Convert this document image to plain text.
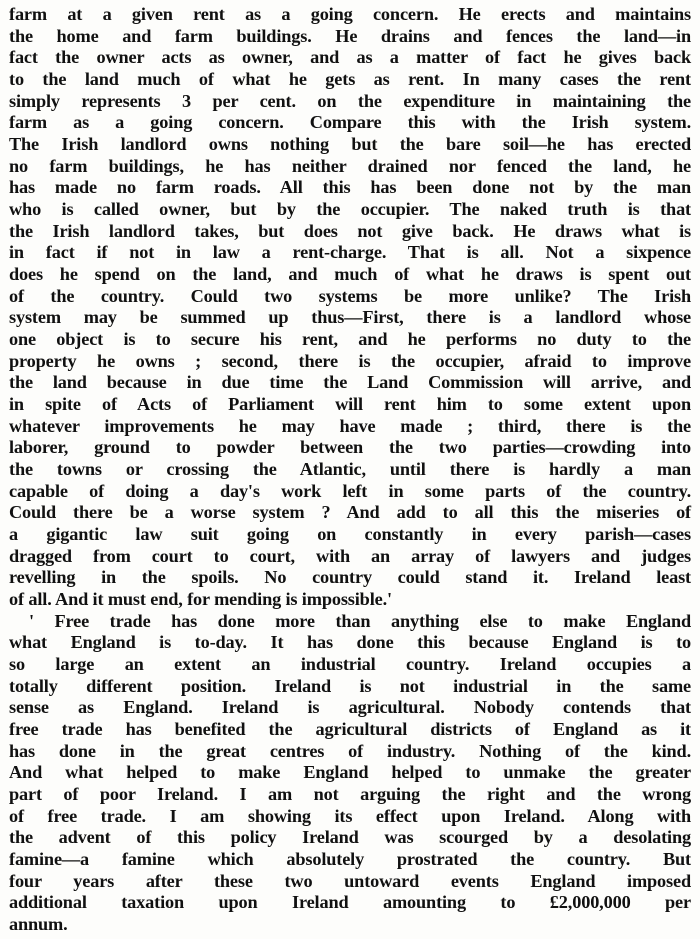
farm at a given rent as a going concern. He erects and maintains
the home and farm buildings. He drains and fences the land—in
fact the owner acts as owner, and as a matter of fact he gives back
to the land much of what he gets as rent. In many cases the rent
simply represents 3 per cent. on the expenditure in maintaining the
farm as a going concern. Compare this with the Irish system.
The Irish landlord owns nothing but the bare soil—he has erected
no farm buildings, he has neither drained nor fenced the land, he
has made no farm roads. All this has been done not by the man
who is called owner, but by the occupier. The naked truth is that
the Irish landlord takes, but does not give back. He draws what is
in fact if not in law a rent-charge. That is all. Not a sixpence
does he spend on the land, and much of what he draws is spent out
of the country. Could two systems be more unlike? The Irish
system may be summed up thus—First, there is a landlord whose
one object is to secure his rent, and he performs no duty to the
property he owns ; second, there is the occupier, afraid to improve
the land because in due time the Land Commission will arrive, and
in spite of Acts of Parliament will rent him to some extent upon
whatever improvements he may have made ; third, there is the
laborer, ground to powder between the two parties—crowding into
the towns or crossing the Atlantic, until there is hardly a man
capable of doing a day's work left in some parts of the country.
Could there be a worse system ? And add to all this the miseries of
a gigantic law suit going on constantly in every parish—cases
dragged from court to court, with an array of lawyers and judges
revelling in the spoils. No country could stand it. Ireland least
of all. And it must end, for mending is impossible.'
' Free trade has done more than anything else to make England
what England is to-day. It has done this because England is to
so large an extent an industrial country. Ireland occupies a
totally different position. Ireland is not industrial in the same
sense as England. Ireland is agricultural. Nobody contends that
free trade has benefited the agricultural districts of England as it
has done in the great centres of industry. Nothing of the kind.
And what helped to make England helped to unmake the greater
part of poor Ireland. I am not arguing the right and the wrong
of free trade. I am showing its effect upon Ireland. Along with
the advent of this policy Ireland was scourged by a desolating
famine—a famine which absolutely prostrated the country. But
four years after these two untoward events England imposed
additional taxation upon Ireland amounting to £2,000,000 per
annum.
